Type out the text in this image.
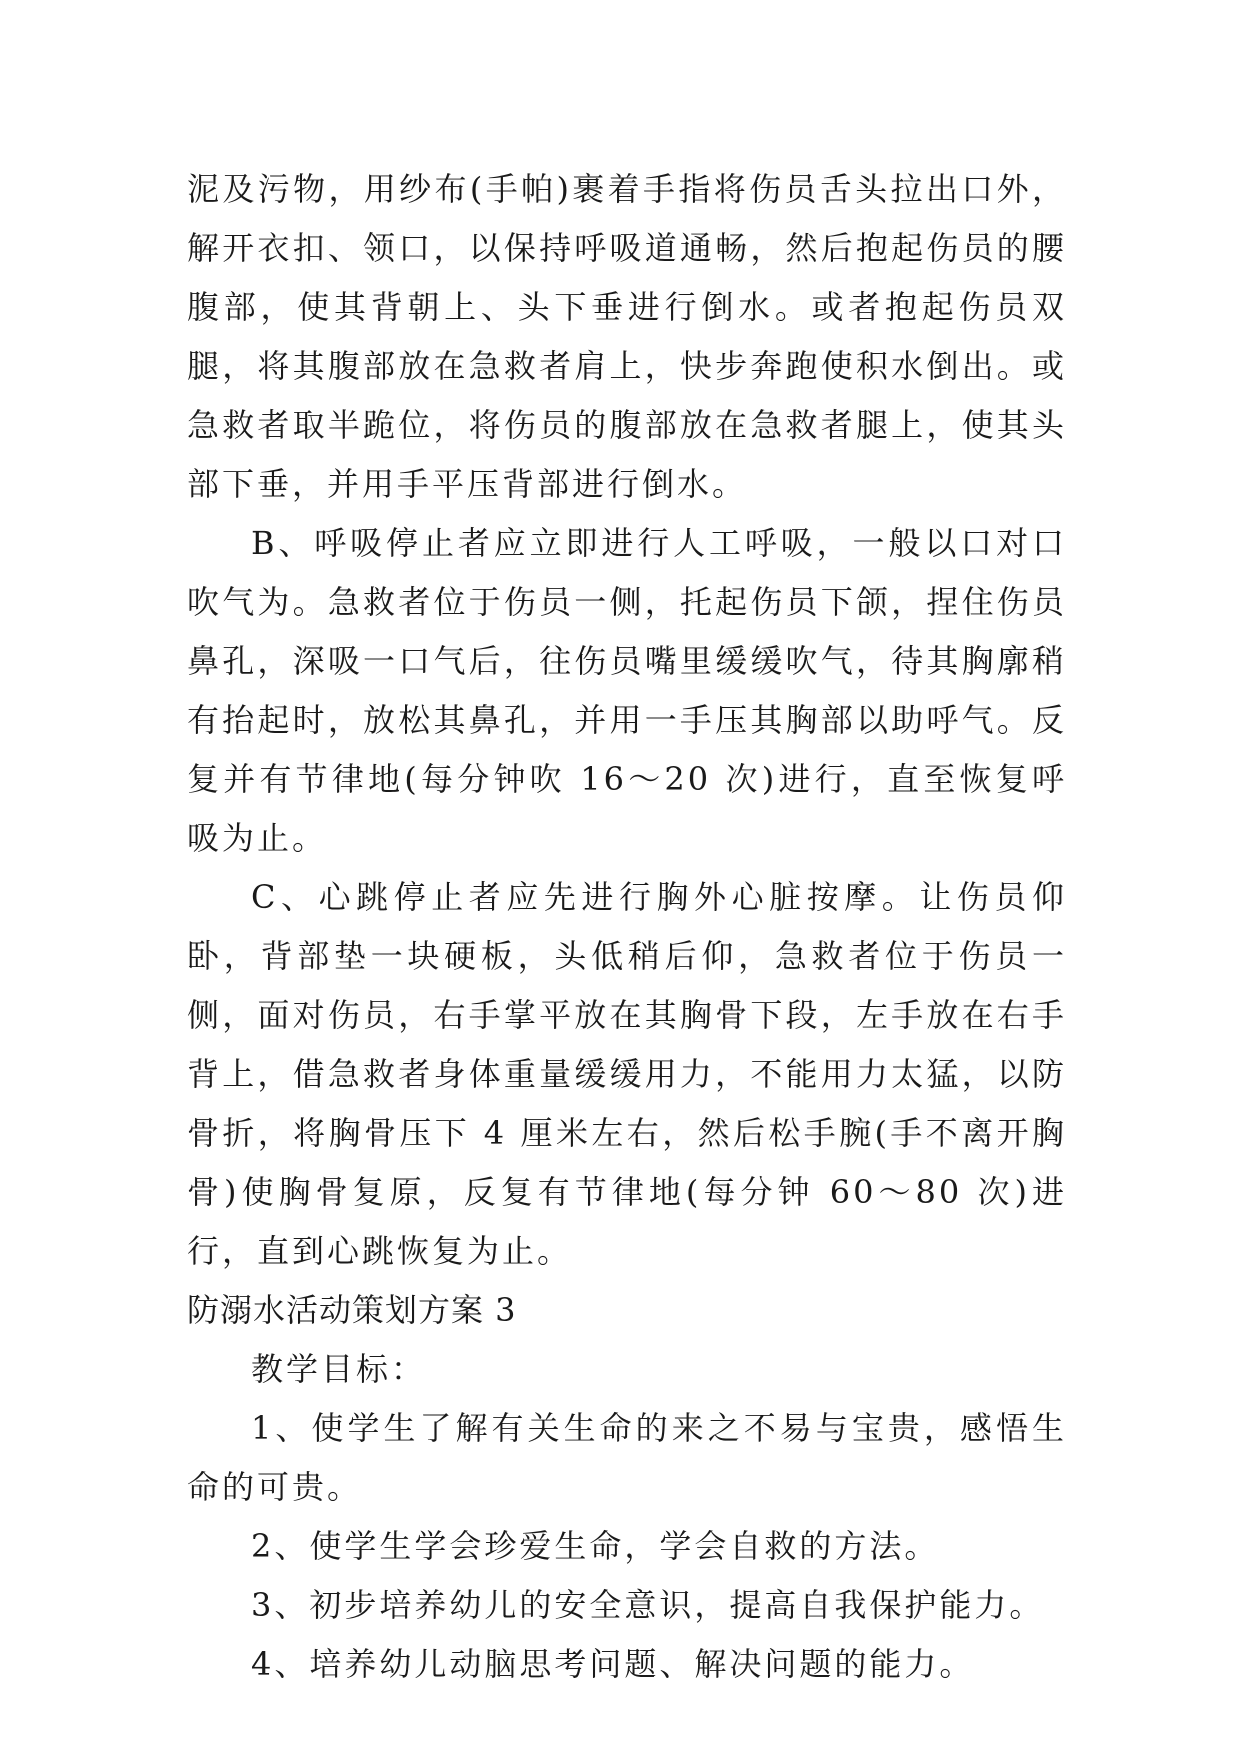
泥及污物，用纱布(手帕)裹着手指将伤员舌头拉出口外，解开衣扣、领口，以保持呼吸道通畅，然后抱起伤员的腰腹部，使其背朝上、头下垂进行倒水。或者抱起伤员双腿，将其腹部放在急救者肩上，快步奔跑使积水倒出。或急救者取半跪位，将伤员的腹部放在急救者腿上，使其头部下垂，并用手平压背部进行倒水。

B、呼吸停止者应立即进行人工呼吸，一般以口对口吹气为。急救者位于伤员一侧，托起伤员下颌，捏住伤员鼻孔，深吸一口气后，往伤员嘴里缓缓吹气，待其胸廓稍有抬起时，放松其鼻孔，并用一手压其胸部以助呼气。反复并有节律地(每分钟吹 16～20 次)进行，直至恢复呼吸为止。

C、心跳停止者应先进行胸外心脏按摩。让伤员仰卧，背部垫一块硬板，头低稍后仰，急救者位于伤员一侧，面对伤员，右手掌平放在其胸骨下段，左手放在右手背上，借急救者身体重量缓缓用力，不能用力太猛，以防骨折，将胸骨压下 4 厘米左右，然后松手腕(手不离开胸骨)使胸骨复原，反复有节律地(每分钟 60～80 次)进行，直到心跳恢复为止。

防溺水活动策划方案 3

教学目标：

1、使学生了解有关生命的来之不易与宝贵，感悟生命的可贵。

2、使学生学会珍爱生命，学会自救的方法。

3、初步培养幼儿的安全意识，提高自我保护能力。

4、培养幼儿动脑思考问题、解决问题的能力。
